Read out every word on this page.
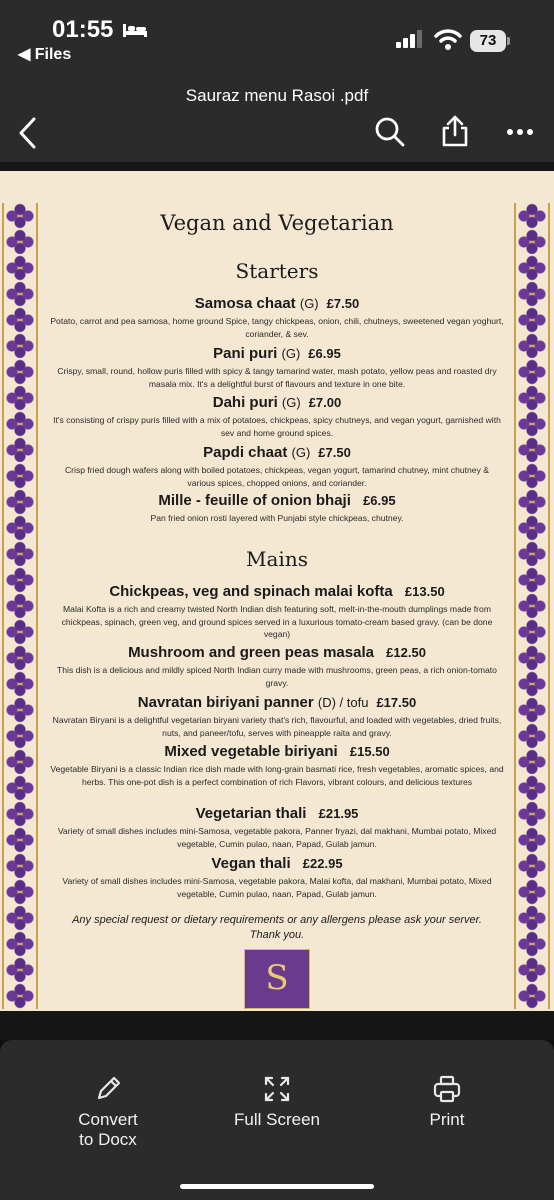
01:55
◀ Files
73
Sauraz menu Rasoi .pdf
Vegan and Vegetarian
Starters
Samosa chaat (G) £7.50
Potato, carrot and pea samosa, home ground Spice, tangy chickpeas, onion, chili, chutneys, sweetened vegan yoghurt, coriander, & sev.
Pani puri (G) £6.95
Crispy, small, round, hollow puris filled with spicy & tangy tamarind water, mash potato, yellow peas and roasted dry masala mix. It's a delightful burst of flavours and texture in one bite.
Dahi puri (G) £7.00
It's consisting of crispy puris filled with a mix of potatoes, chickpeas, spicy chutneys, and vegan yogurt, garnished with sev and home ground spices.
Papdi chaat (G) £7.50
Crisp fried dough wafers along with boiled potatoes, chickpeas, vegan yogurt, tamarind chutney, mint chutney & various spices, chopped onions, and coriander.
Mille - feuille of onion bhaji £6.95
Pan fried onion rosti layered with Punjabi style chickpeas, chutney.
Mains
Chickpeas, veg and spinach malai kofta £13.50
Malai Kofta is a rich and creamy twisted North Indian dish featuring soft, melt-in-the-mouth dumplings made from chickpeas, spinach, green veg, and ground spices served in a luxurious tomato-cream based gravy. (can be done vegan)
Mushroom and green peas masala £12.50
This dish is a delicious and mildly spiced North Indian curry made with mushrooms, green peas, a rich onion-tomato gravy.
Navratan biriyani panner (D) / tofu £17.50
Navratan Biryani is a delightful vegetarian biryani variety that's rich, flavourful, and loaded with vegetables, dried fruits, nuts, and paneer/tofu, serves with pineapple raita and gravy.
Mixed vegetable biriyani £15.50
Vegetable Biryani is a classic Indian rice dish made with long-grain basmati rice, fresh vegetables, aromatic spices, and herbs. This one-pot dish is a perfect combination of rich Flavors, vibrant colours, and delicious textures
Vegetarian thali £21.95
Variety of small dishes includes mini-Samosa, vegetable pakora, Panner fryazi, dal makhani, Mumbai potato, Mixed vegetable, Cumin pulao, naan, Papad, Gulab jamun.
Vegan thali £22.95
Variety of small dishes includes mini-Samosa, vegetable pakora, Malai kofta, dal makhani, Mumbai potato, Mixed vegetable, Cumin pulao, naan, Papad, Gulab jamun.
Any special request or dietary requirements or any allergens please ask your server.
Thank you.
S
Convert
to Docx
Full Screen	Print
